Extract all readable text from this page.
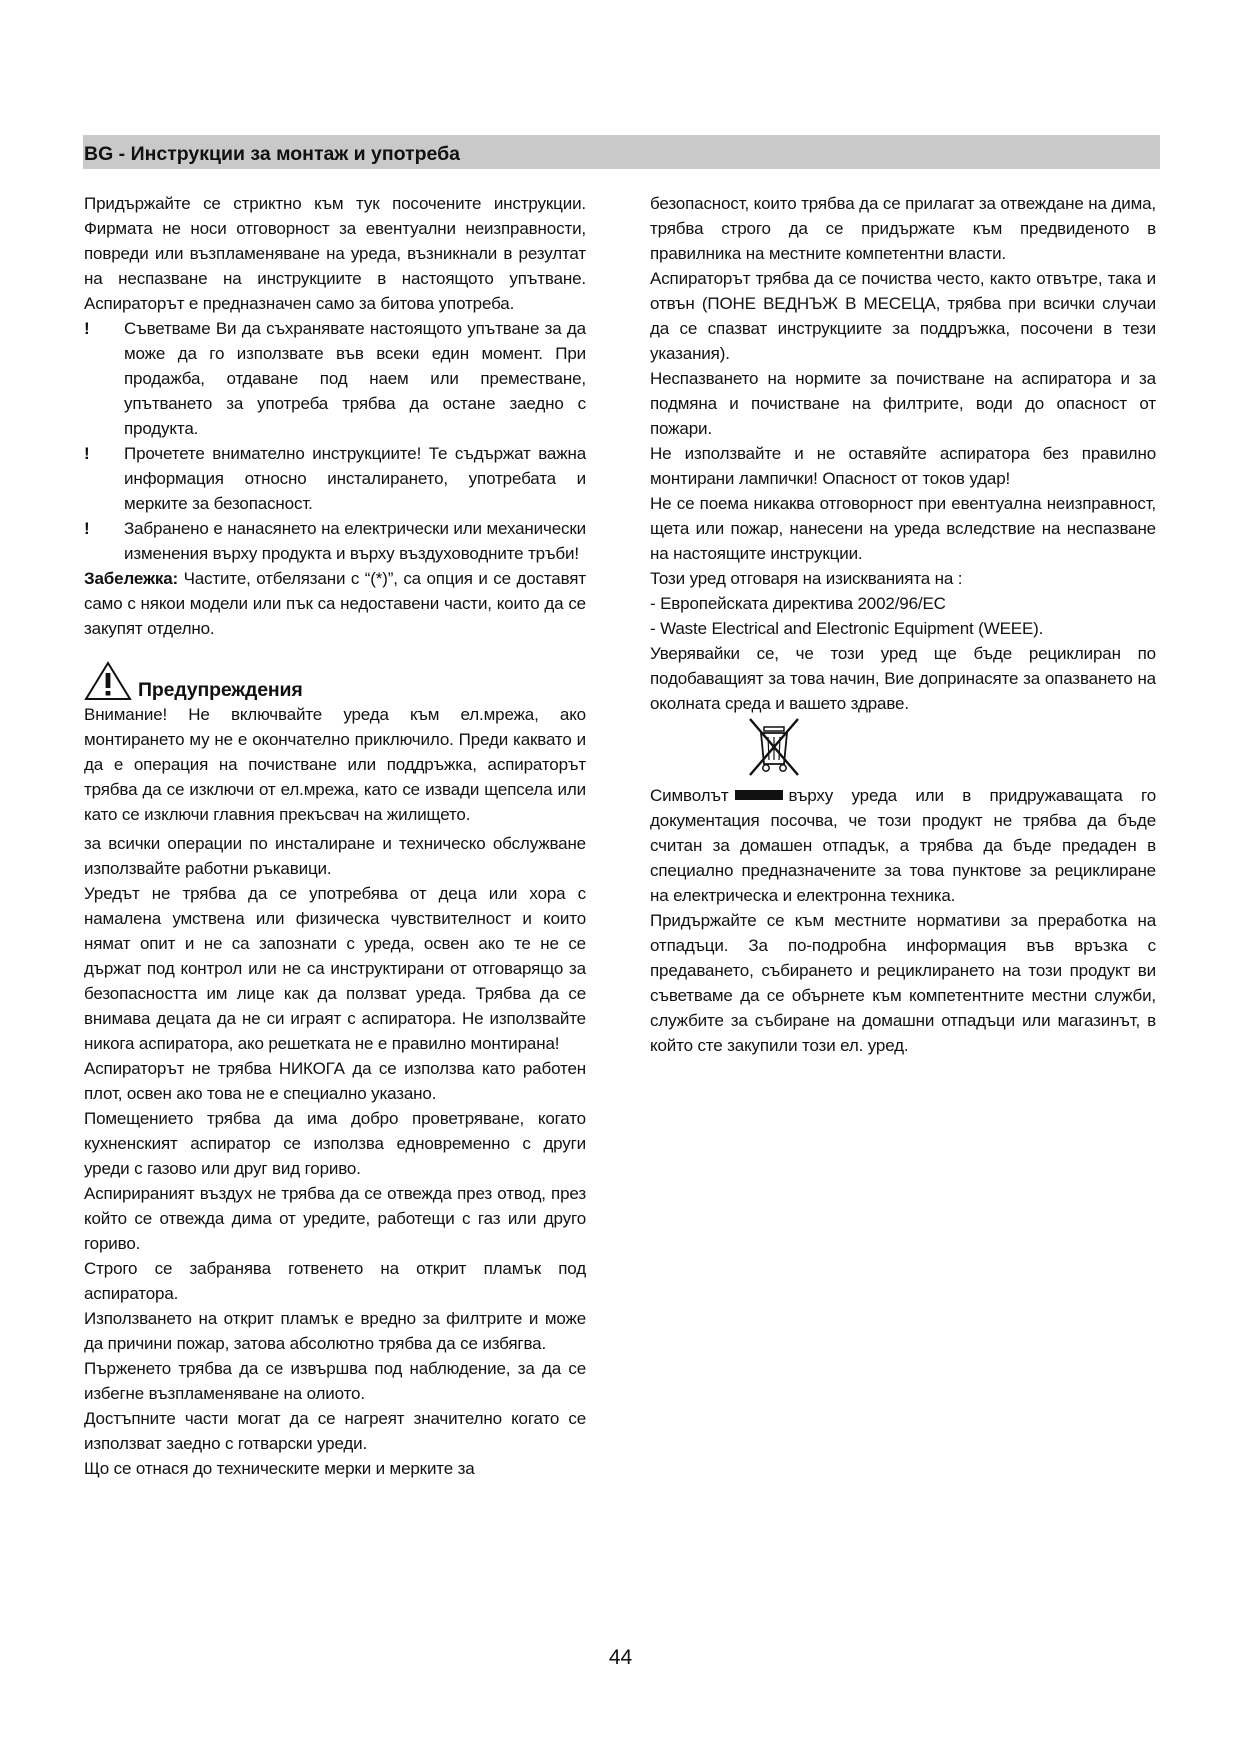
BG - Инструкции за монтаж и употреба

Придържайте се стриктно към тук посочените инструкции. Фирмата не носи отговорност за евентуални неизправности, повреди или възпламеняване на уреда, възникнали в резултат на неспазване на инструкциите в настоящото упътване. Аспираторът е предназначен само за битова употреба.

! Съветваме Ви да съхранявате настоящото упътване за да може да го използвате във всеки един момент. При продажба, отдаване под наем или преместване, упътването за употреба трябва да остане заедно с продукта.
! Прочетете внимателно инструкциите! Те съдържат важна информация относно инсталирането, употребата и мерките за безопасност.
! Забранено е нанасянето на електрически или механически изменения върху продукта и върху въздуховодните тръби!

Забележка: Частите, отбелязани с “(*)”, са опция и се доставят само с някои модели или пък са недоставени части, които да се закупят отделно.

Предупреждения

Внимание! Не включвайте уреда към ел.мрежа, ако монтирането му не е окончателно приключило. Преди каквато и да е операция на почистване или поддръжка, аспираторът трябва да се изключи от ел.мрежа, като се извади щепсела или като се изключи главния прекъсвач на жилището.

за всички операции по инсталиране и техническо обслужване използвайте работни ръкавици.

Уредът не трябва да се употребява от деца или хора с намалена умствена или физическа чувствителност и които нямат опит и не са запознати с уреда, освен ако те не се държат под контрол или не са инструктирани от отговарящо за безопасността им лице как да ползват уреда. Трябва да се внимава децата да не си играят с аспиратора. Не използвайте никога аспиратора, ако решетката не е правилно монтирана!

Аспираторът не трябва НИКОГА да се използва като работен плот, освен ако това не е специално указано.

Помещението трябва да има добро проветряване, когато кухненският аспиратор се използва едновременно с други уреди с газово или друг вид гориво.

Аспирираният въздух не трябва да се отвежда през отвод, през който се отвежда дима от уредите, работещи с газ или друго гориво.

Строго се забранява готвенето на открит пламък под аспиратора.

Използването на открит пламък е вредно за филтрите и може да причини пожар, затова абсолютно трябва да се избягва.

Пърженето трябва да се извършва под наблюдение, за да се избегне възпламеняване на олиото.

Достъпните части могат да се нагреят значително когато се използват заедно с готварски уреди.

Що се отнася до техническите мерки и мерките за

безопасност, които трябва да се прилагат за отвеждане на дима, трябва строго да се придържате към предвиденото в правилника на местните компетентни власти.

Аспираторът трябва да се почиства често, както отвътре, така и отвън (ПОНЕ ВЕДНЪЖ В МЕСЕЦА, трябва при всички случаи да се спазват инструкциите за поддръжка, посочени в тези указания).

Неспазването на нормите за почистване на аспиратора и за подмяна и почистване на филтрите, води до опасност от пожари.

Не използвайте и не оставяйте аспиратора без правилно монтирани лампички! Опасност от токов удар!

Не се поема никаква отговорност при евентуална неизправност, щета или пожар, нанесени на уреда вследствие на неспазване на настоящите инструкции.

Този уред отговаря на изискванията на :

- Европейската директива 2002/96/EC

- Waste Electrical and Electronic Equipment (WEEE).

Уверявайки се, че този уред ще бъде рециклиран по подобаващият за това начин, Вие допринасяте за опазването на околната среда и вашето здраве.

Символът	върху уреда или в придружаващата го документация посочва, че този продукт не трябва да бъде считан за домашен отпадък, а трябва да бъде предаден в специално предназначените за това пунктове за рециклиране на електрическа и електронна техника.

Придържайте се към местните нормативи за преработка на отпадъци. За по-подробна информация във връзка с предаването, събирането и рециклирането на този продукт ви съветваме да се обърнете към компетентните местни служби, службите за събиране на домашни отпадъци или магазинът, в който сте закупили този ел. уред.

44
